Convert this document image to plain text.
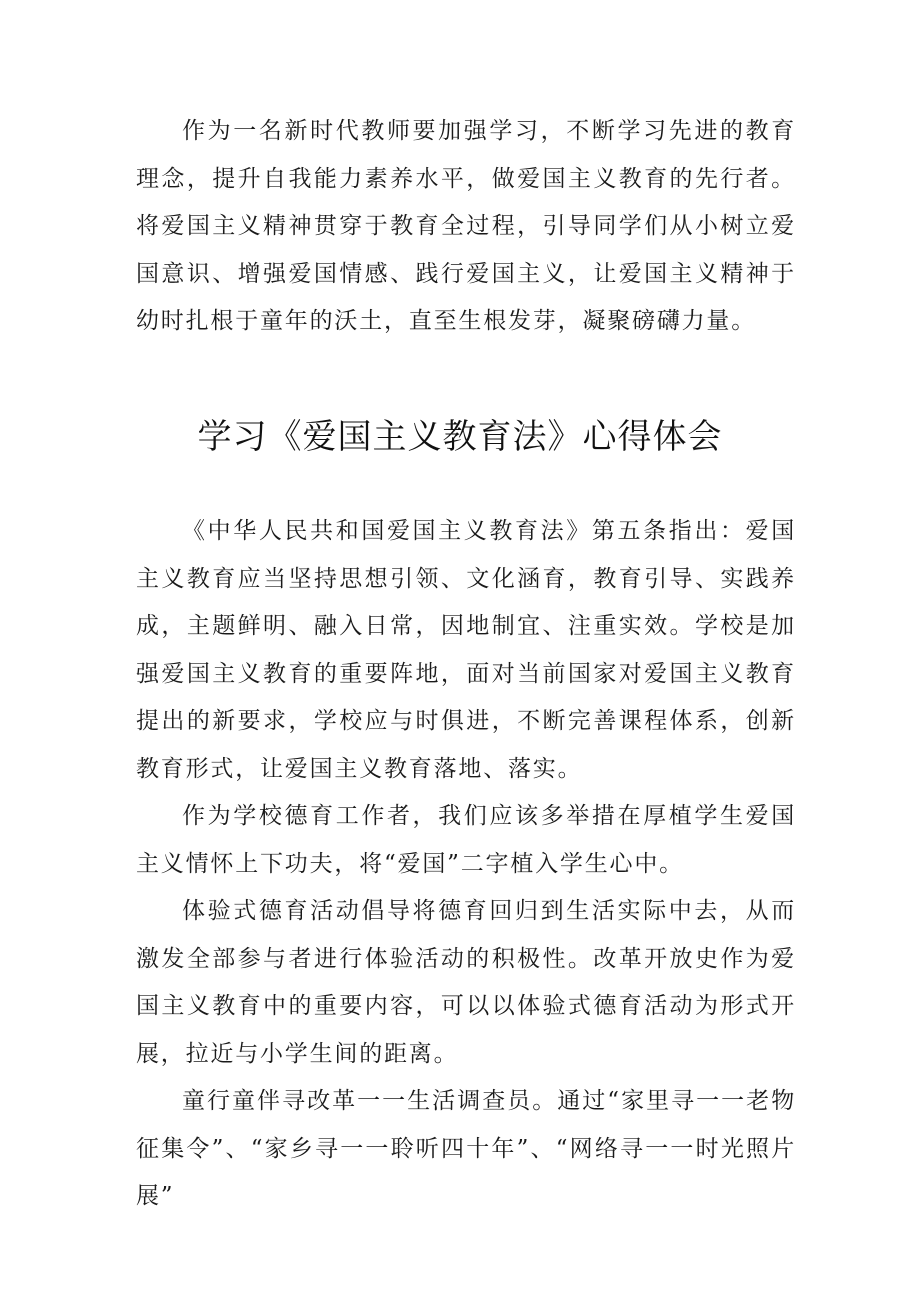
作为一名新时代教师要加强学习，不断学习先进的教育理念，提升自我能力素养水平，做爱国主义教育的先行者。将爱国主义精神贯穿于教育全过程，引导同学们从小树立爱国意识、增强爱国情感、践行爱国主义，让爱国主义精神于幼时扎根于童年的沃土，直至生根发芽，凝聚磅礴力量。

学习《爱国主义教育法》心得体会

《中华人民共和国爱国主义教育法》第五条指出：爱国主义教育应当坚持思想引领、文化涵育，教育引导、实践养成，主题鲜明、融入日常，因地制宜、注重实效。学校是加强爱国主义教育的重要阵地，面对当前国家对爱国主义教育提出的新要求，学校应与时俱进，不断完善课程体系，创新教育形式，让爱国主义教育落地、落实。

作为学校德育工作者，我们应该多举措在厚植学生爱国主义情怀上下功夫，将“爱国”二字植入学生心中。

体验式德育活动倡导将德育回归到生活实际中去，从而激发全部参与者进行体验活动的积极性。改革开放史作为爱国主义教育中的重要内容，可以以体验式德育活动为形式开展，拉近与小学生间的距离。

童行童伴寻改革一一生活调查员。通过“家里寻一一老物征集令”、“家乡寻一一聆听四十年”、“网络寻一一时光照片展”
